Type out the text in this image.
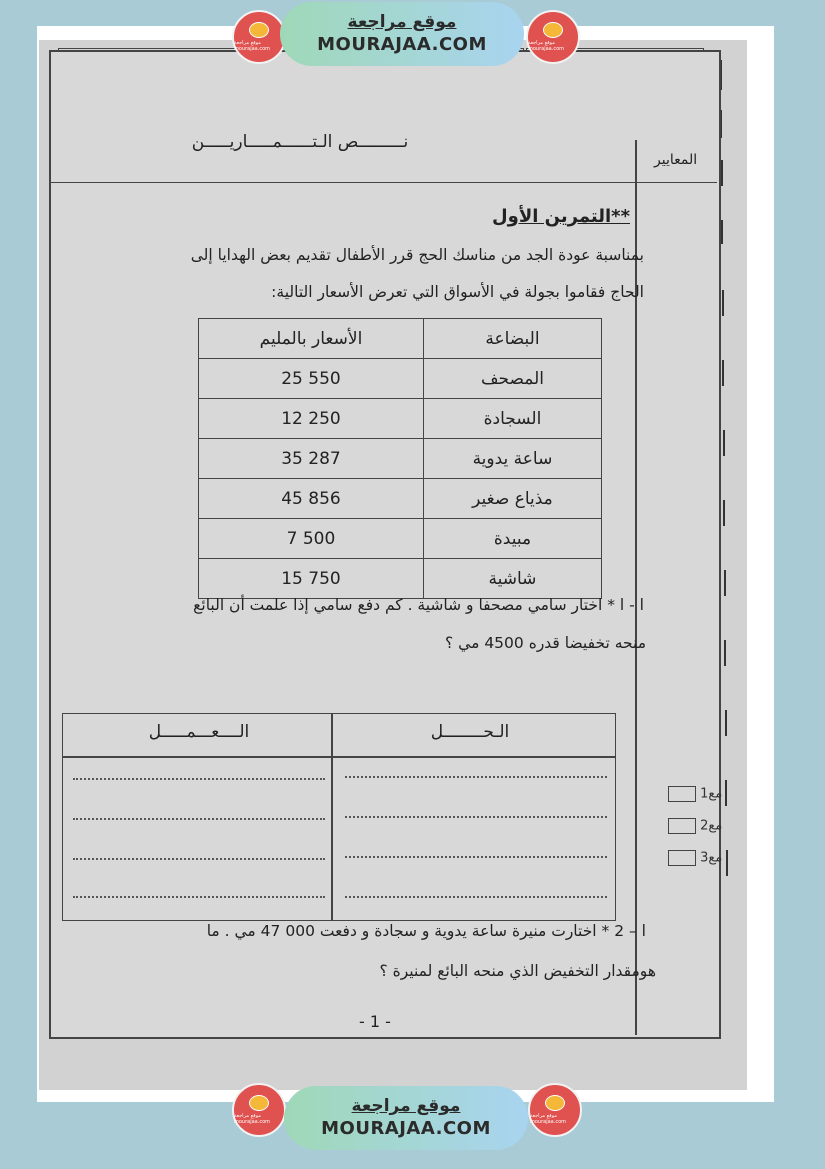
المعايير
نـــــــــص الـتــــــمـــــاريـــــن
**التمرين الأول
بمناسبة عودة الجد من مناسك الحج قرر الأطفال تقديم بعض الهدايا إلى
الحاج فقاموا بجولة في الأسواق التي تعرض الأسعار التالية:
البضاعة	الأسعار بالمليم
المصحف	550 25
السجادة	250 12
ساعة يدوية	287 35
مذياع صغير	856 45
مبيدة	500 7
شاشية	750 15
ا - ا * اختار سامي مصحفا و شاشية . كم دفع سامي إذا علمت أن البائع
منحه تخفيضا قدره 4500 مي ؟
الـحــــــــل
الــــعـــمـــــل
ا – 2 * اختارت منيرة ساعة يدوية و سجادة و دفعت 000 47 مي . ما
هومقدار التخفيض الذي منحه البائع لمنيرة ؟
مع1
مع2
مع3
- 1 -
موقع مراجعة mourajaa.com
موقع مراجعة
MOURAJAA.COM	موقع مراجعة mourajaa.com
موقع مراجعة mourajaa.com
موقع مراجعة
MOURAJAA.COM
موقع مراجعة mourajaa.com
